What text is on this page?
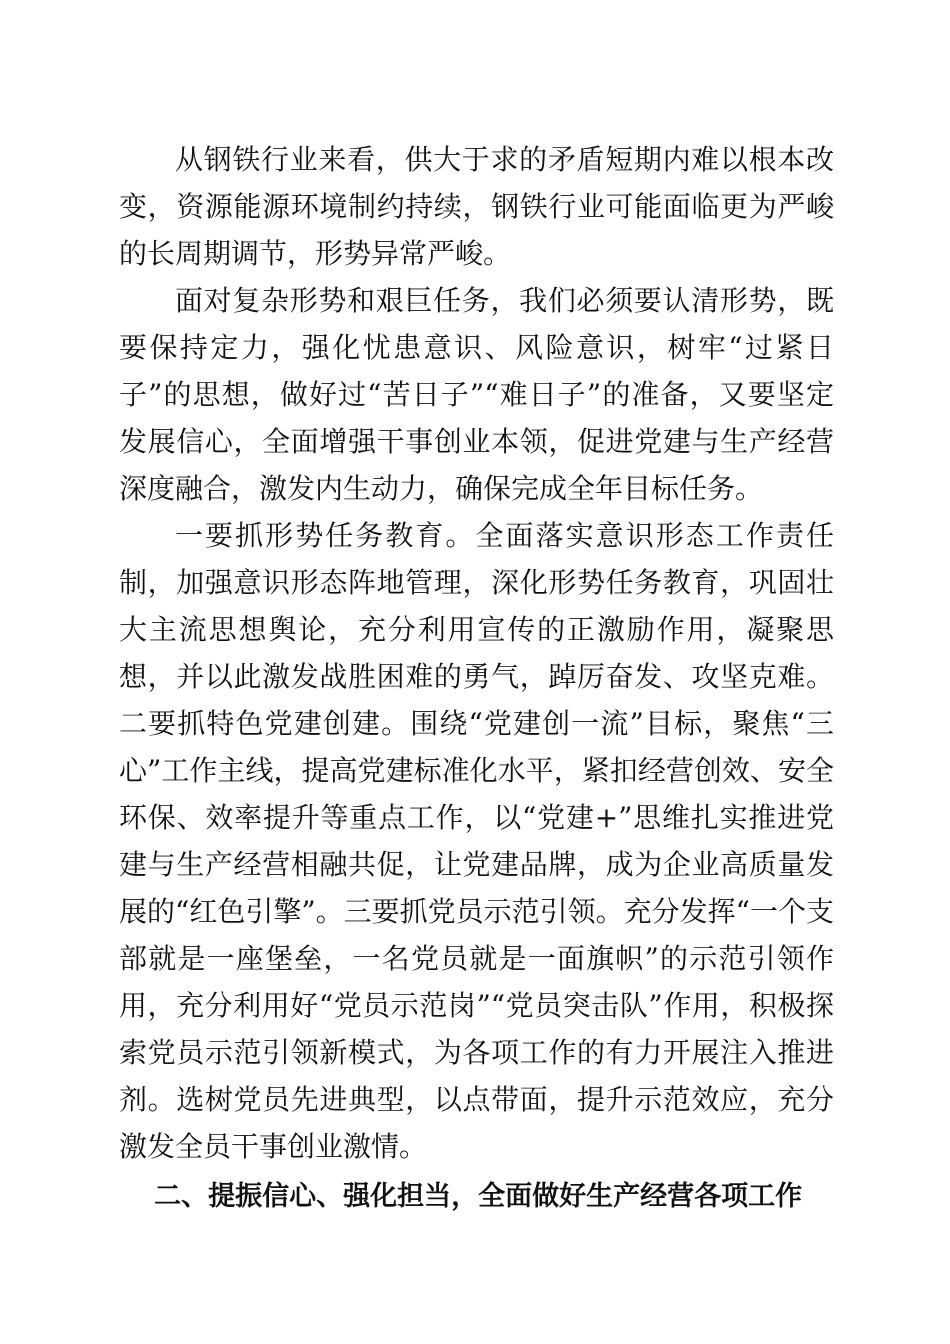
从钢铁行业来看，供大于求的矛盾短期内难以根本改变，资源能源环境制约持续，钢铁行业可能面临更为严峻的长周期调节，形势异常严峻。

面对复杂形势和艰巨任务，我们必须要认清形势，既要保持定力，强化忧患意识、风险意识，树牢“过紧日子”的思想，做好过“苦日子”“难日子”的准备，又要坚定发展信心，全面增强干事创业本领，促进党建与生产经营深度融合，激发内生动力，确保完成全年目标任务。

一要抓形势任务教育。全面落实意识形态工作责任制，加强意识形态阵地管理，深化形势任务教育，巩固壮大主流思想舆论，充分利用宣传的正激励作用，凝聚思想，并以此激发战胜困难的勇气，踔厉奋发、攻坚克难。二要抓特色党建创建。围绕“党建创一流”目标，聚焦“三心”工作主线，提高党建标准化水平，紧扣经营创效、安全环保、效率提升等重点工作，以“党建+”思维扎实推进党建与生产经营相融共促，让党建品牌，成为企业高质量发展的“红色引擎”。三要抓党员示范引领。充分发挥“一个支部就是一座堡垒，一名党员就是一面旗帜”的示范引领作用，充分利用好“党员示范岗”“党员突击队”作用，积极探索党员示范引领新模式，为各项工作的有力开展注入推进剂。选树党员先进典型，以点带面，提升示范效应，充分激发全员干事创业激情。

二、提振信心、强化担当，全面做好生产经营各项工作
